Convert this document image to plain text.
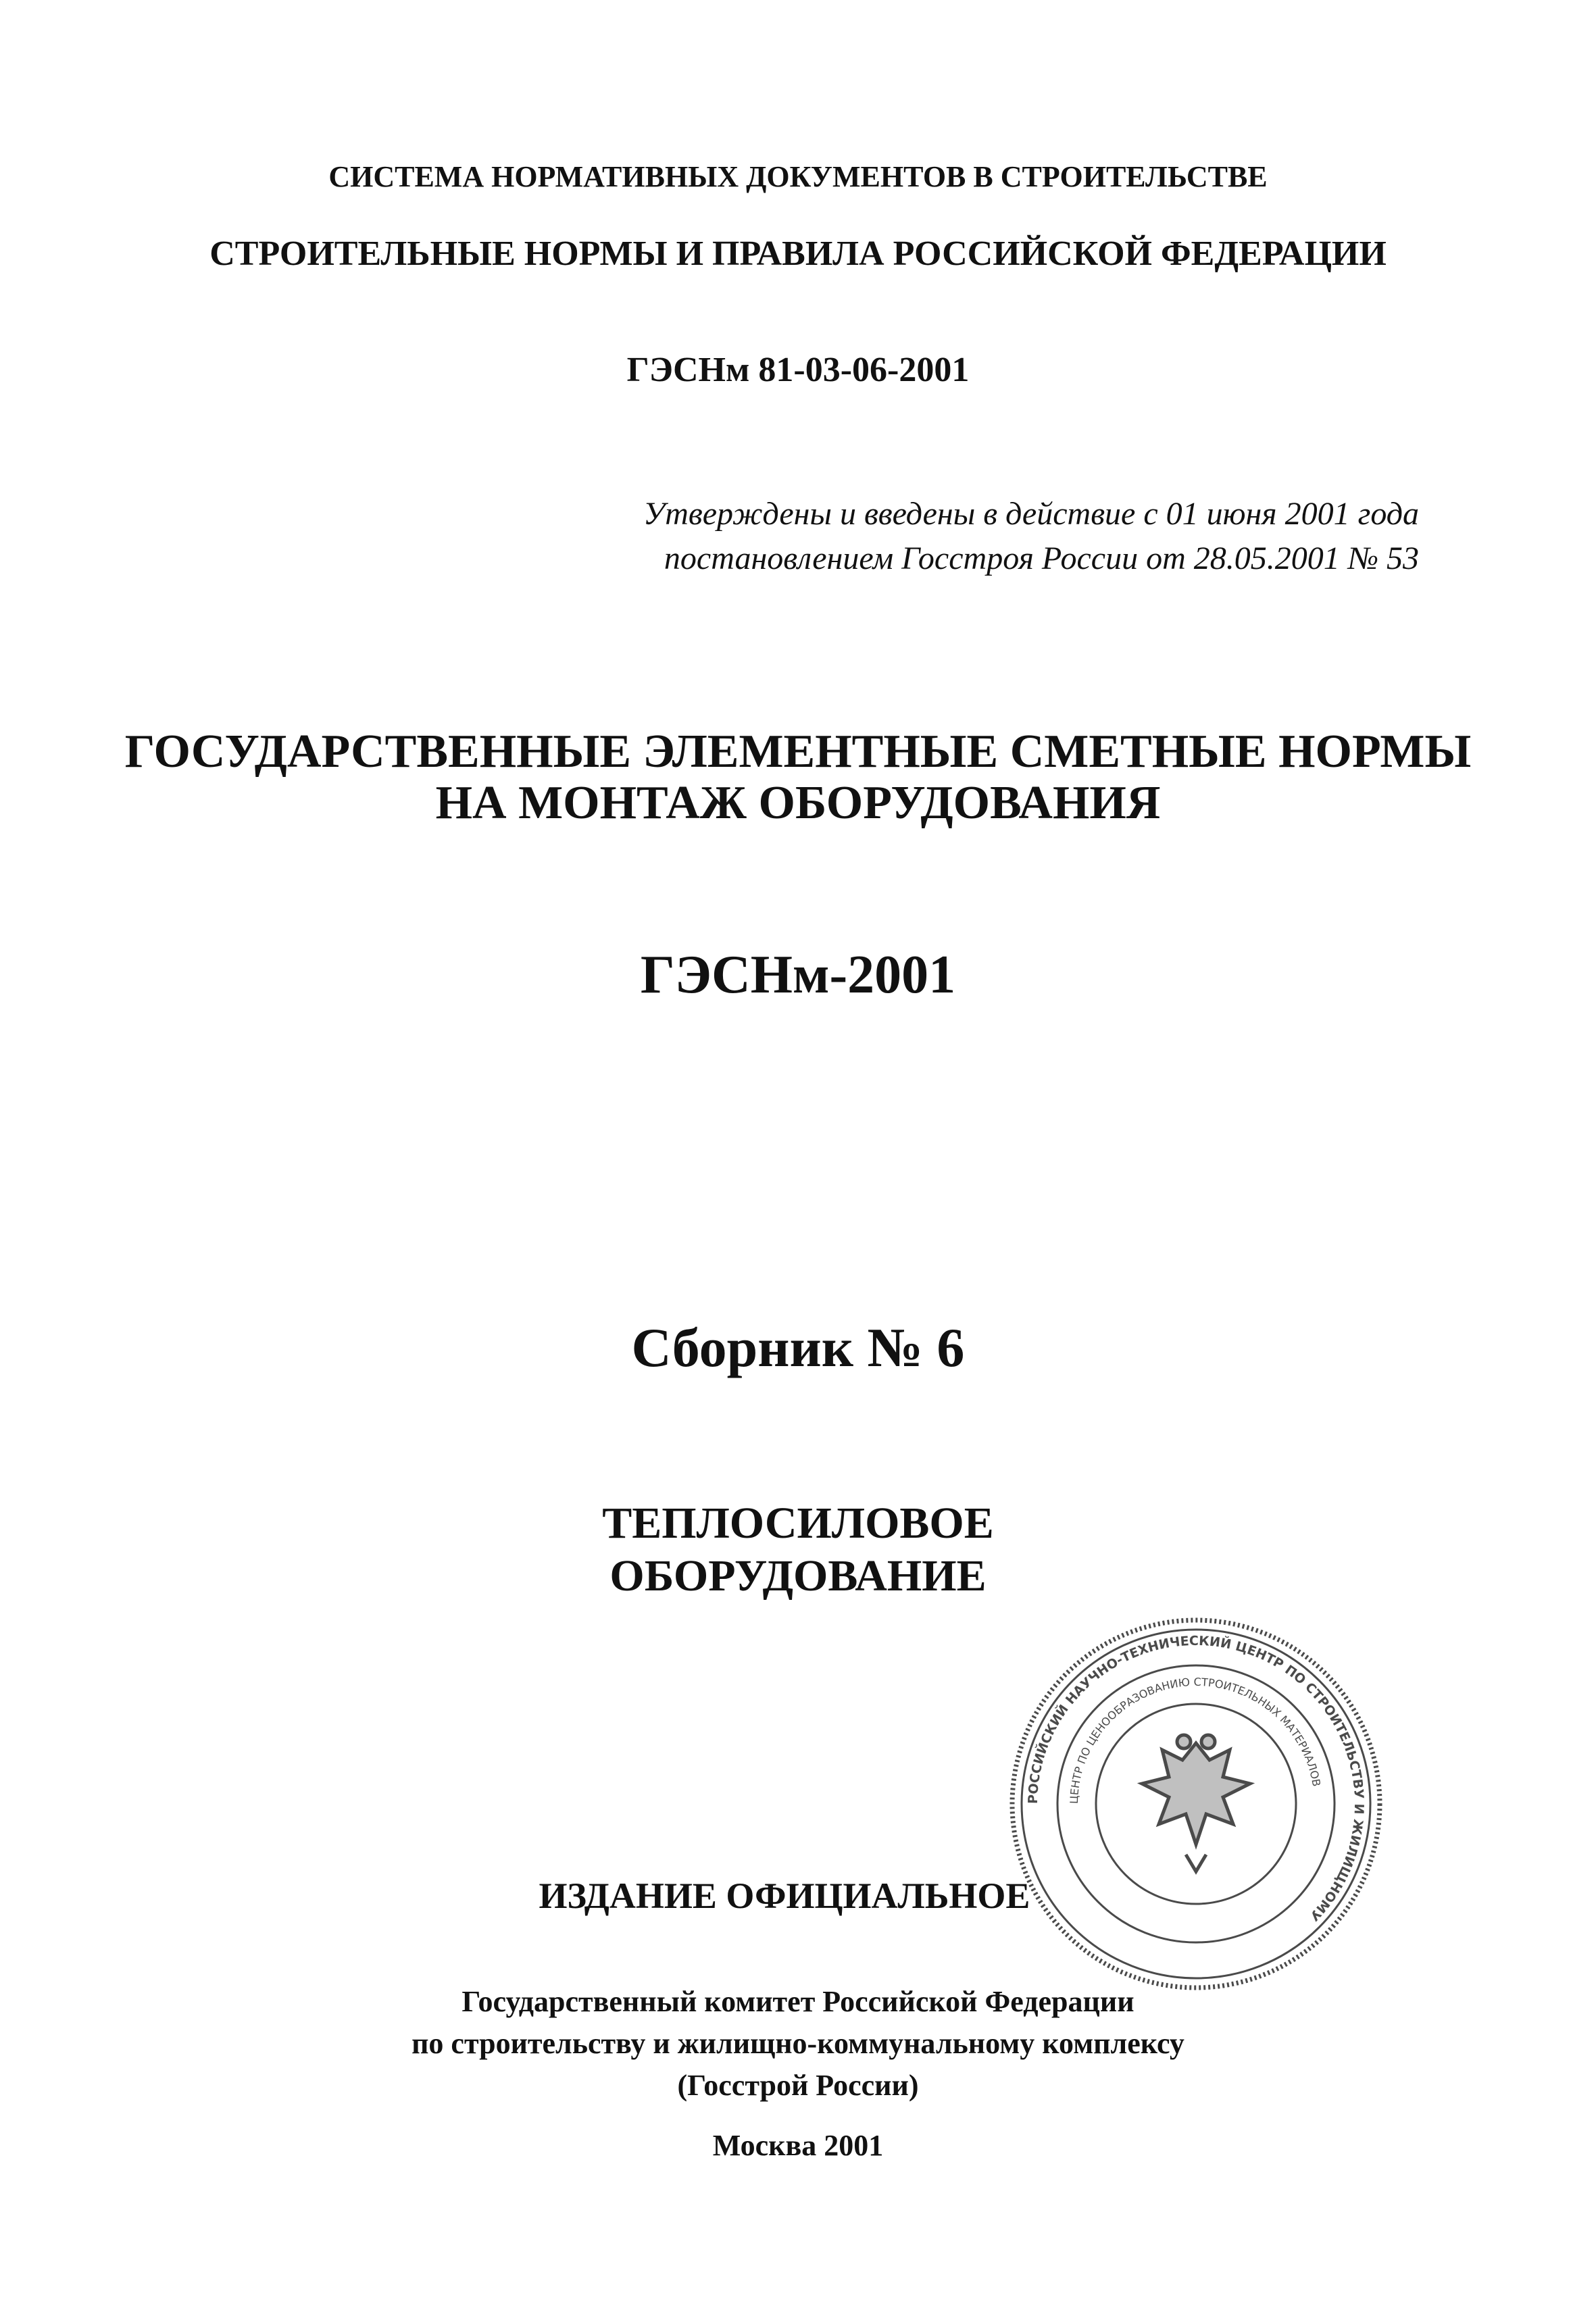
СИСТЕМА НОРМАТИВНЫХ ДОКУМЕНТОВ В СТРОИТЕЛЬСТВЕ
СТРОИТЕЛЬНЫЕ НОРМЫ И ПРАВИЛА РОССИЙСКОЙ ФЕДЕРАЦИИ
ГЭСНм 81-03-06-2001
Утверждены и введены в действие с 01 июня 2001 года
постановлением Госстроя России от 28.05.2001 № 53
ГОСУДАРСТВЕННЫЕ ЭЛЕМЕНТНЫЕ СМЕТНЫЕ НОРМЫ
НА МОНТАЖ ОБОРУДОВАНИЯ
ГЭСНм-2001
Сборник № 6
ТЕПЛОСИЛОВОЕ
ОБОРУДОВАНИЕ
ИЗДАНИЕ ОФИЦИАЛЬНОЕ
Государственный комитет Российской Федерации
по строительству и жилищно-коммунальному комплексу
(Госстрой России)
Москва 2001
РОССИЙСКИЙ НАУЧНО-ТЕХНИЧЕСКИЙ ЦЕНТР ПО СТРОИТЕЛЬСТВУ И ЖИЛИЩНОМУ
ЦЕНТР ПО ЦЕНООБРАЗОВАНИЮ СТРОИТЕЛЬНЫХ МАТЕРИАЛОВ
